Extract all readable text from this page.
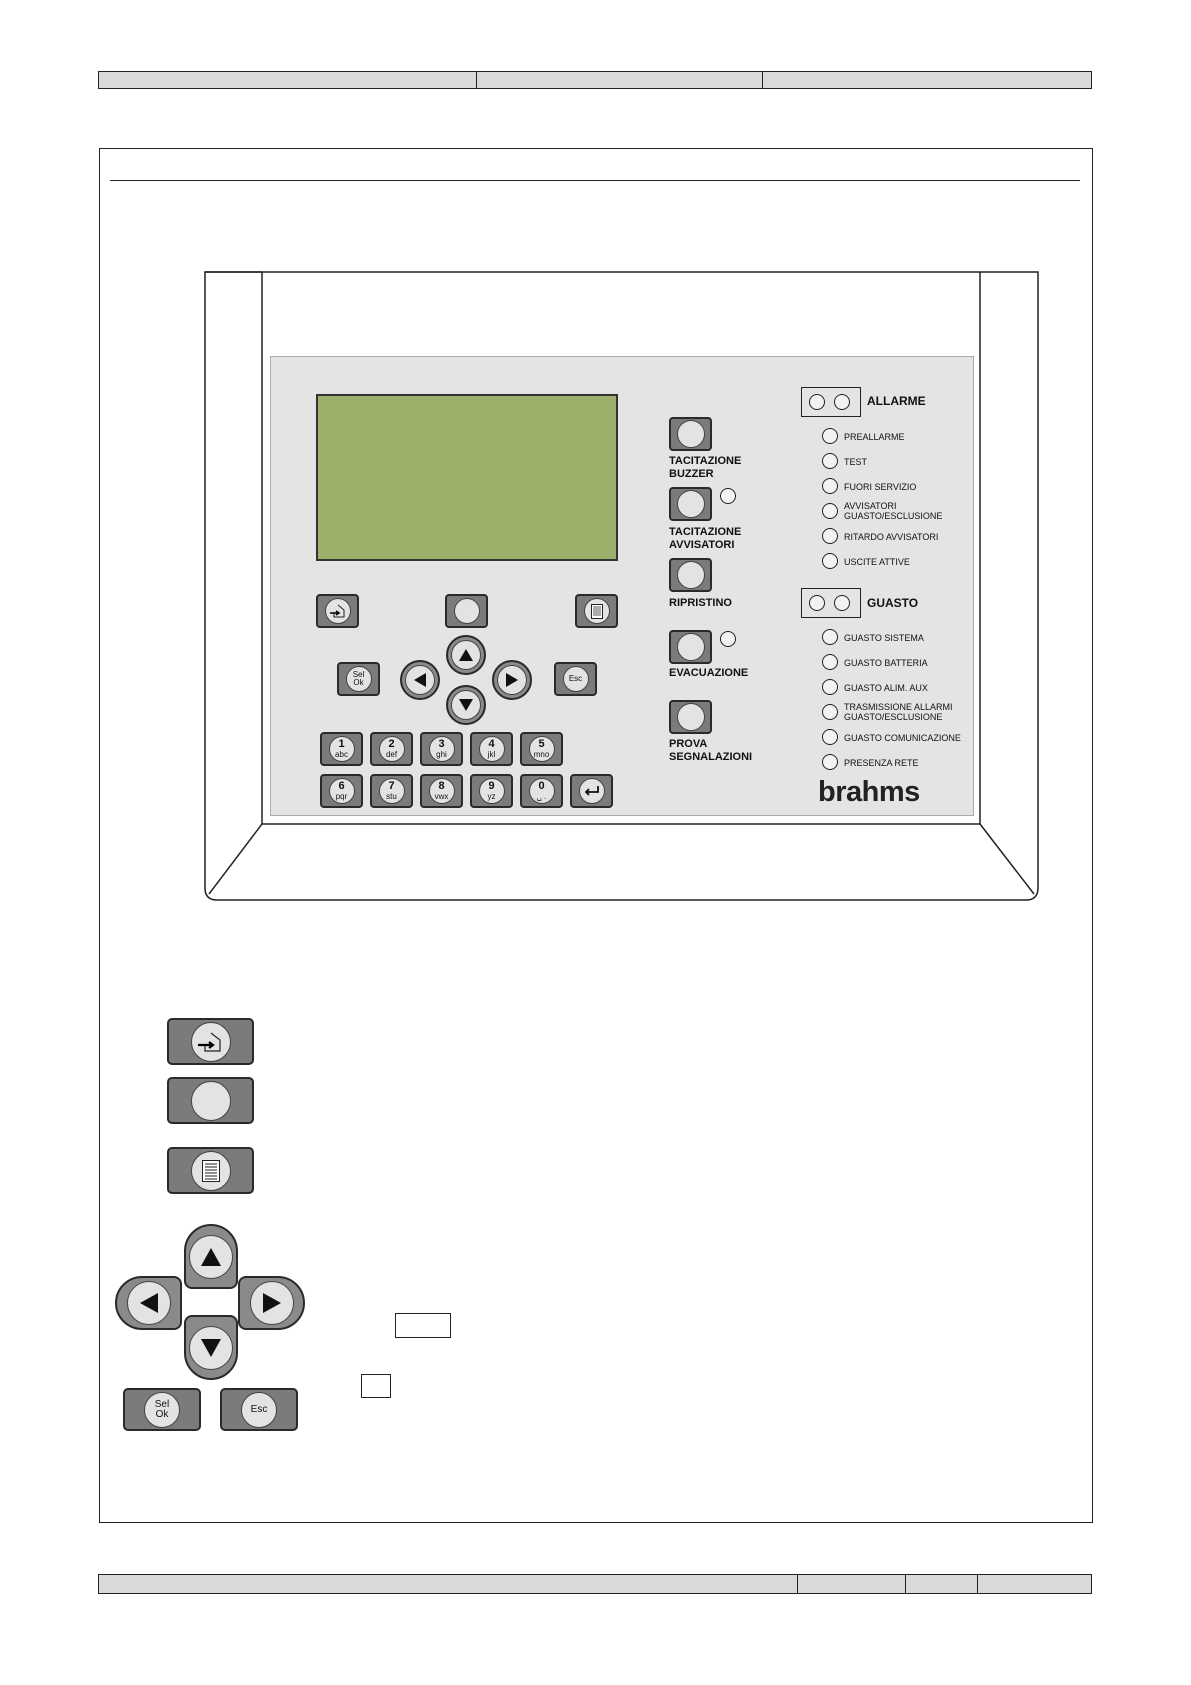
Sel
Ok	Esc
1
abc
2
def
3
ghi
4
jkl
5
mno
6
pqr
7
stu
8
vwx
9
yz
0
␣ .
TACITAZIONE
BUZZER
TACITAZIONE
AVVISATORI
RIPRISTINO
EVACUAZIONE
PROVA
SEGNALAZIONI
ALLARME
PREALLARME
TEST
FUORI SERVIZIO
AVVISATORI
GUASTO/ESCLUSIONE
RITARDO AVVISATORI
USCITE ATTIVE
GUASTO
GUASTO SISTEMA
GUASTO BATTERIA
GUASTO ALIM. AUX
TRASMISSIONE ALLARMI
GUASTO/ESCLUSIONE
GUASTO COMUNICAZIONE
PRESENZA RETE
brahms
Sel
Ok	Esc
